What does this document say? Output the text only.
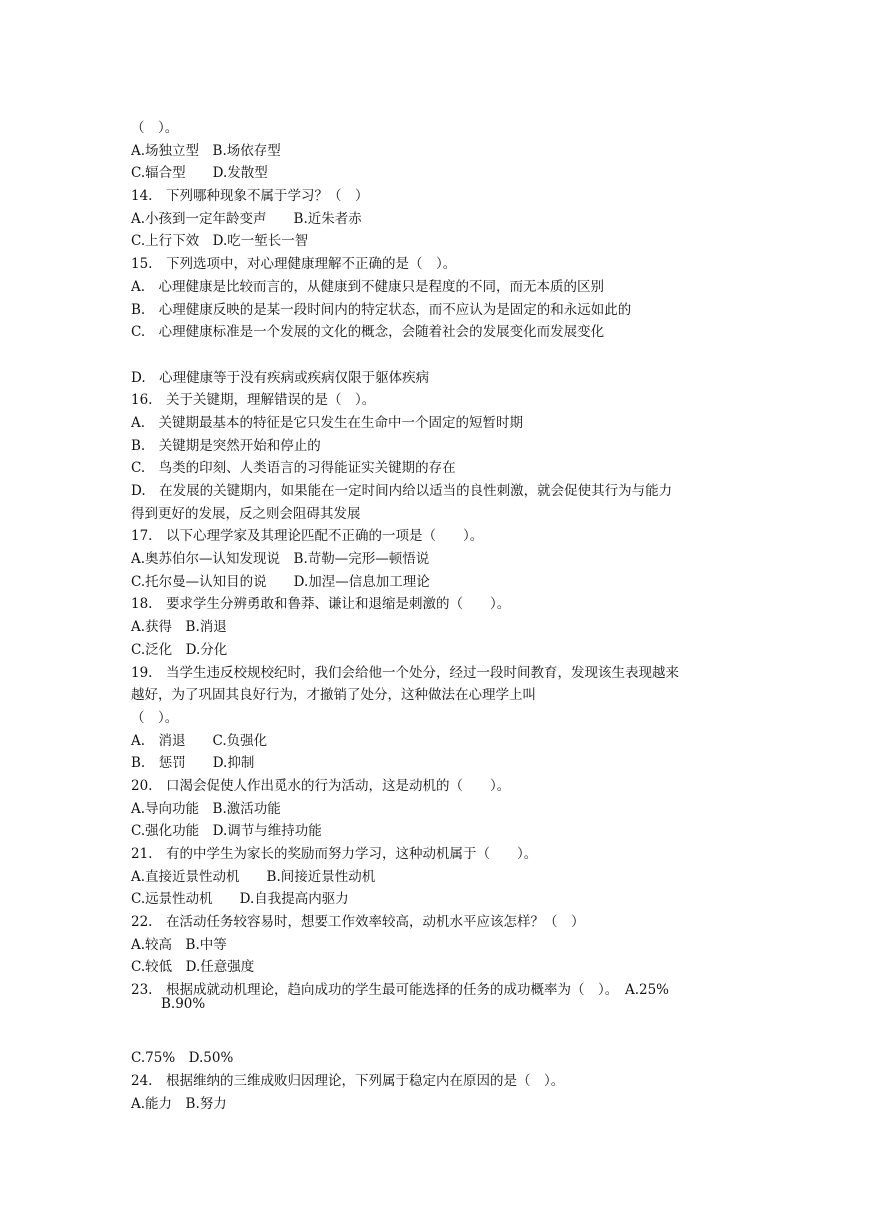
（　）。
A.场独立型　B.场依存型
C.辐合型　　D.发散型
14.　下列哪种现象不属于学习？（　）
A.小孩到一定年龄变声　　B.近朱者赤
C.上行下效　D.吃一堑长一智
15.　下列选项中，对心理健康理解不正确的是（　）。
A.　心理健康是比较而言的，从健康到不健康只是程度的不同，而无本质的区别
B.　心理健康反映的是某一段时间内的特定状态，而不应认为是固定的和永远如此的
C.　心理健康标准是一个发展的文化的概念，会随着社会的发展变化而发展变化
D.　心理健康等于没有疾病或疾病仅限于躯体疾病
16.　关于关键期，理解错误的是（　）。
A.　关键期最基本的特征是它只发生在生命中一个固定的短暂时期
B.　关键期是突然开始和停止的
C.　鸟类的印刻、人类语言的习得能证实关键期的存在
D.　在发展的关键期内，如果能在一定时间内给以适当的良性刺激，就会促使其行为与能力
得到更好的发展，反之则会阻碍其发展
17.　以下心理学家及其理论匹配不正确的一项是（　　）。
A.奥苏伯尔—认知发现说　B.苛勒—完形—顿悟说
C.托尔曼—认知目的说　　D.加涅—信息加工理论
18.　要求学生分辨勇敢和鲁莽、谦让和退缩是刺激的（　　）。
A.获得　B.消退
C.泛化　D.分化
19.　当学生违反校规校纪时，我们会给他一个处分，经过一段时间教育，发现该生表现越来
越好，为了巩固其良好行为，才撤销了处分，这种做法在心理学上叫
（　）。
A.　消退　　C.负强化
B.　惩罚　　D.抑制
20.　口渴会促使人作出觅水的行为活动，这是动机的（　　）。
A.导向功能　B.激活功能
C.强化功能　D.调节与维持功能
21.　有的中学生为家长的奖励而努力学习，这种动机属于（　　）。
A.直接近景性动机　　B.间接近景性动机
C.远景性动机　　D.自我提高内驱力
22.　在活动任务较容易时，想要工作效率较高，动机水平应该怎样？（　）
A.较高　B.中等
C.较低　D.任意强度
23.　根据成就动机理论，趋向成功的学生最可能选择的任务的成功概率为（　）。　A.25%
C.75%　D.50%
24.　根据维纳的三维成败归因理论，下列属于稳定内在原因的是（　）。
A.能力　B.努力
B.90%
